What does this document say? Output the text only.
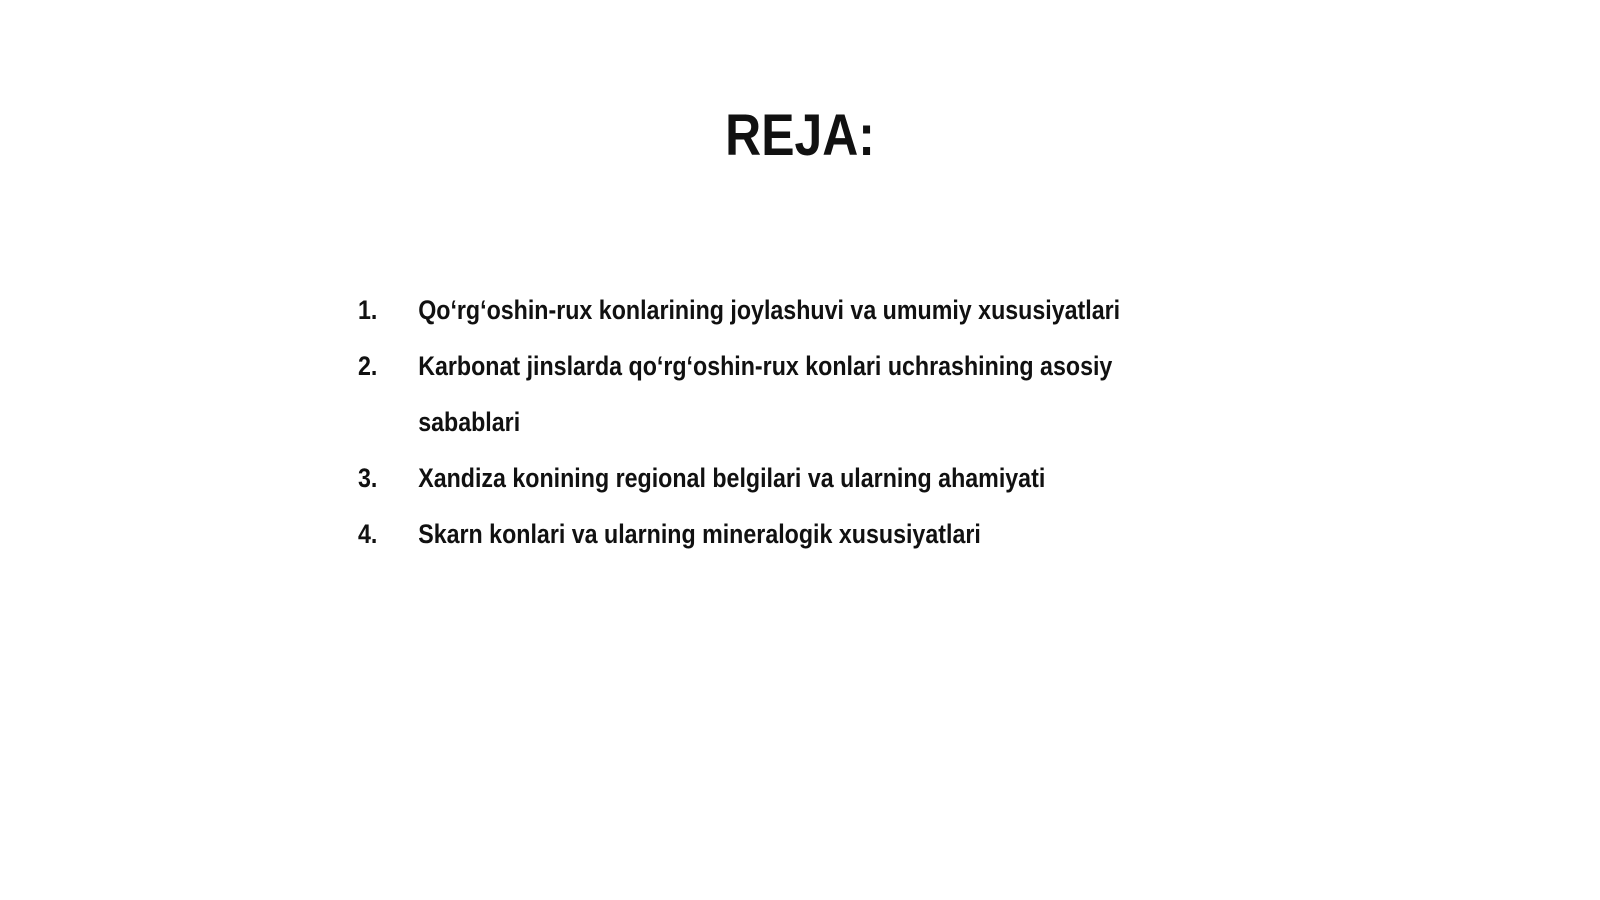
REJA:
1.	Qo‘rg‘oshin-rux konlarining joylashuvi va umumiy xususiyatlari
2.	Karbonat jinslarda qo‘rg‘oshin-rux konlari uchrashining asosiy sabablari
3.	Xandiza konining regional belgilari va ularning ahamiyati
4.	Skarn konlari va ularning mineralogik xususiyatlari
